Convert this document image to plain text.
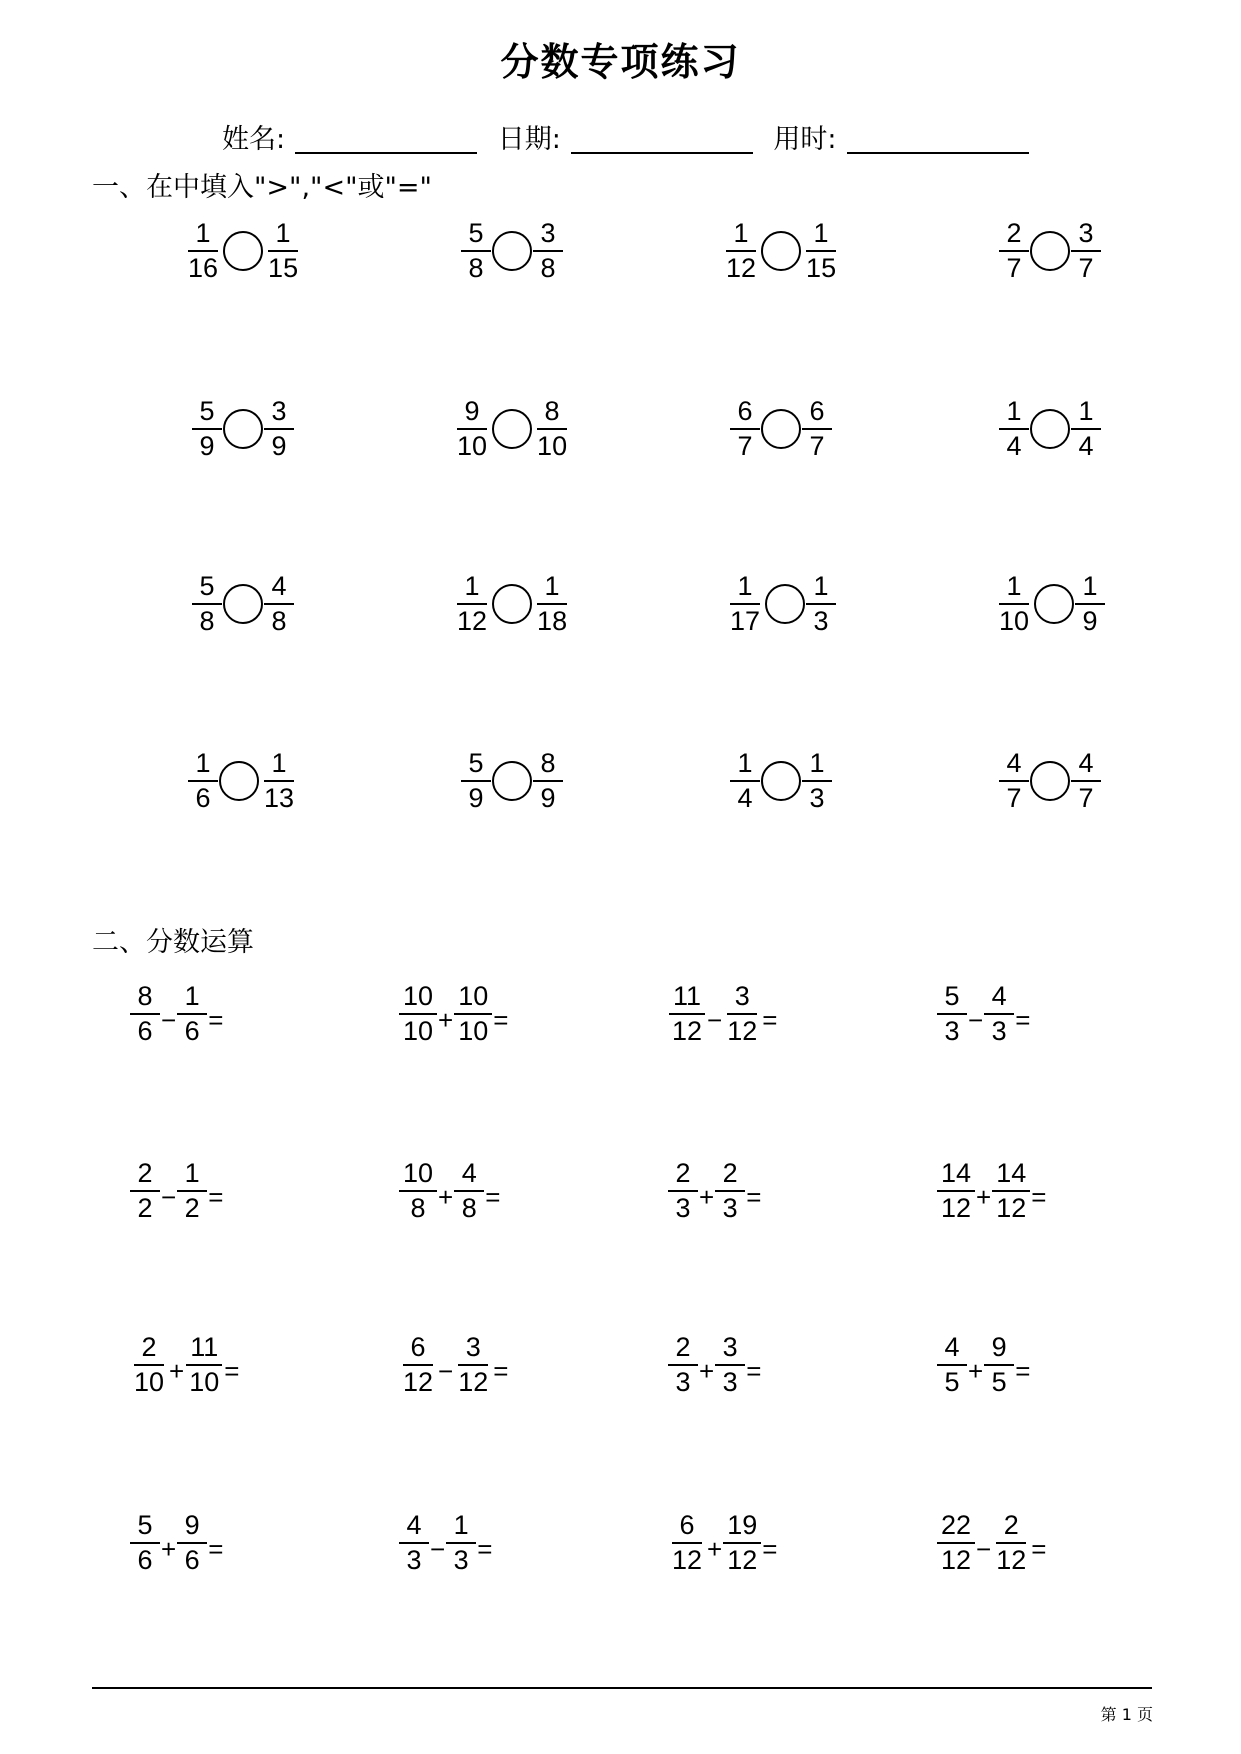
分数专项练习
姓名:	日期:	用时:
一、在中填入">","<"或"="
$\frac{1}{16} \frac{1}{15}$	$\frac{5}{8} \frac{3}{8}$	$\frac{1}{12} \frac{1}{15}$	$\frac{2}{7} \frac{3}{7}$
$\frac{5}{9} \frac{3}{9}$	$\frac{9}{10} \frac{8}{10}$	$\frac{6}{7} \frac{6}{7}$	$\frac{1}{4} \frac{1}{4}$
$\frac{5}{8} \frac{4}{8}$	$\frac{1}{12} \frac{1}{18}$	$\frac{1}{17} \frac{1}{3}$	$\frac{1}{10} \frac{1}{9}$
$\frac{1}{6} \frac{1}{13}$	$\frac{5}{9} \frac{8}{9}$	$\frac{1}{4} \frac{1}{3}$	$\frac{4}{7} \frac{4}{7}$
二、分数运算
$\frac{8}{6} - \frac{1}{6}$ =	$\frac{10}{10} + \frac{10}{10}$ =	$\frac{11}{12} - \frac{3}{12}$ =	$\frac{5}{3} - \frac{4}{3}$ =
$\frac{2}{2} - \frac{1}{2}$ =	$\frac{10}{8} + \frac{4}{8}$ =	$\frac{2}{3} + \frac{2}{3}$ =	$\frac{14}{12} + \frac{14}{12}$ =
$\frac{2}{10} + \frac{11}{10}$ =	$\frac{6}{12} - \frac{3}{12}$ =	$\frac{2}{3} + \frac{3}{3}$ =	$\frac{4}{5} + \frac{9}{5}$ =
$\frac{5}{6} + \frac{9}{6}$ =	$\frac{4}{3} - \frac{1}{3}$ =	$\frac{6}{12} + \frac{19}{12}$ =	$\frac{22}{12} - \frac{2}{12}$ =
第 1 页
